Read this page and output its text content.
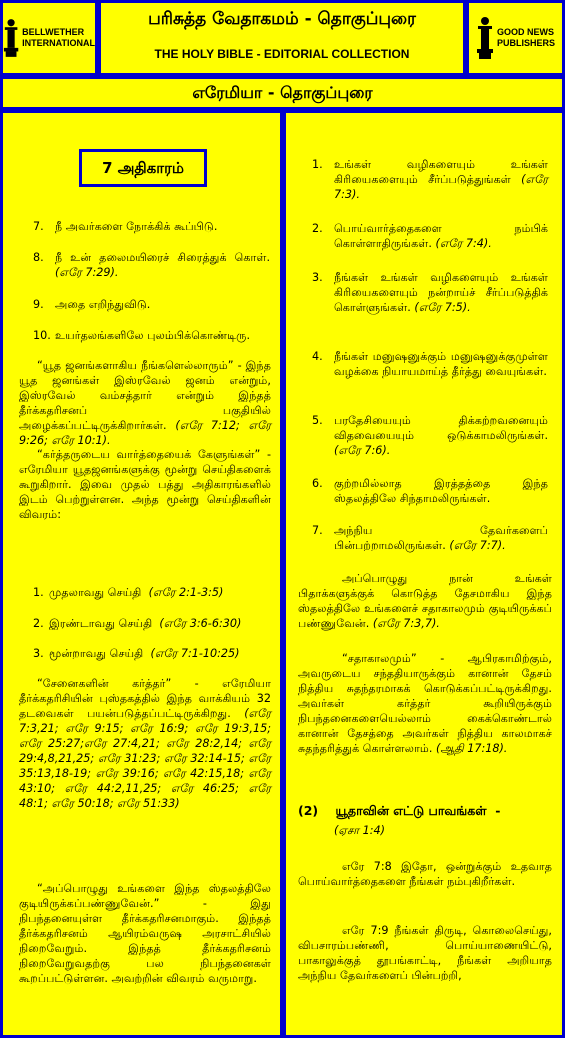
BELLWETHER
INTERNATIONAL
பரிசுத்த வேதாகமம் - தொகுப்புரை
THE HOLY BIBLE - EDITORIAL COLLECTION
GOOD NEWS
PUBLISHERS
எரேமியா - தொகுப்புரை
7 அதிகாரம்
7. நீ அவர்களை நோக்கிக் கூப்பிடு.

8. நீ உன் தலைமயிரைச் சிரைத்துக் கொள். (எரே 7:29).

9. அதை எறிந்துவிடு.

10. உயர்தலங்களிலே புலம்பிக்கொண்டிரு.

“யூத ஜனங்களாகிய நீங்களெல்லாரும்” - இந்த யூத ஜனங்கள் இஸ்ரவேல் ஜனம் என்றும், இஸ்ரவேல் வம்சத்தார் என்றும் இந்தத் தீர்க்கதரிசனப் பகுதியில் அழைக்கப்பட்டிருக்கிறார்கள். (எரே 7:12; எரே 9:26; எரே 10:1).

“கர்த்தருடைய வார்த்தையைக் கேளுங்கள்” - எரேமியா யூதஜனங்களுக்கு மூன்று செய்திகளைக் கூறுகிறார். இவை முதல் பத்து அதிகாரங்களில் இடம் பெற்றுள்ளன. அந்த மூன்று செய்திகளின் விவரம்:

1. முதலாவது செய்தி (எரே 2:1-3:5)

2. இரண்டாவது செய்தி (எரே 3:6-6:30)

3. மூன்றாவது செய்தி (எரே 7:1-10:25)

“சேனைகளின் கர்த்தர்” - எரேமியா தீர்க்கதரிசியின் புஸ்தகத்தில் இந்த வாக்கியம் 32 தடவைகள் பயன்படுத்தப்பட்டிருக்கிறது. (எரே 7:3,21; எரே 9:15; எரே 16:9; எரே 19:3,15; எரே 25:27;எரே 27:4,21; எரே 28:2,14; எரே 29:4,8,21,25; எரே 31:23; எரே 32:14-15; எரே 35:13,18-19; எரே 39:16; எரே 42:15,18; எரே 43:10; எரே 44:2,11,25; எரே 46:25; எரே 48:1; எரே 50:18; எரே 51:33)

“அப்பொழுது உங்களை இந்த ஸ்தலத்திலே குடியிருக்கப்பண்ணுவேன்.” - இது நிபந்தனையுள்ள தீர்க்கதரிசனமாகும். இந்தத் தீர்க்கதரிசனம் ஆயிரம்வருஷ அரசாட்சியில் நிறைவேறும். இந்தத் தீர்க்கதரிசனம் நிறைவேறுவதற்கு பல நிபந்தனைகள் கூறப்பட்டுள்ளன. அவற்றின் விவரம் வருமாறு.

1. உங்கள் வழிகளையும் உங்கள் கிரியைகளையும் சீர்ப்படுத்துங்கள் (எரே 7:3).

2. பொய்வார்த்தைகளை நம்பிக் கொள்ளாதிருங்கள். (எரே 7:4).

3. நீங்கள் உங்கள் வழிகளையும் உங்கள் கிரியைகளையும் நன்றாய்ச் சீர்ப்படுத்திக் கொள்ளுங்கள். (எரே 7:5).

4. நீங்கள் மனுஷனுக்கும் மனுஷனுக்குமுள்ள வழக்கை நியாயமாய்த் தீர்த்து வையுங்கள்.

5. பரதேசியையும் திக்கற்றவனையும் விதவையையும் ஒடுக்காமலிருங்கள். (எரே 7:6).

6. குற்றமில்லாத இரத்தத்தை இந்த ஸ்தலத்திலே சிந்தாமலிருங்கள்.

7. அந்நிய தேவர்களைப் பின்பற்றாமலிருங்கள். (எரே 7:7).

அப்பொழுது நான் உங்கள் பிதாக்களுக்குக் கொடுத்த தேசமாகிய இந்த ஸ்தலத்திலே உங்களைச் சதாகாலமும் குடியிருக்கப் பண்ணுவேன். (எரே 7:3,7).

“சதாகாலமும்” - ஆபிரகாமிற்கும், அவருடைய சந்ததியாருக்கும் கானான் தேசம் நித்திய சுதந்தரமாகக் கொடுக்கப்பட்டிருக்கிறது. அவர்கள் கர்த்தர் கூறியிருக்கும் நிபந்தனைகளையெல்லாம் கைக்கொண்டால் கானான் தேசத்தை அவர்கள் நித்திய காலமாகச் சுதந்தரித்துக் கொள்ளலாம். (ஆதி 17:18).

(2) யூதாவின் எட்டு பாவங்கள் -

(ஏசா 1:4)

எரே 7:8 இதோ, ஒன்றுக்கும் உதவாத பொய்வார்த்தைகளை நீங்கள் நம்புகிறீர்கள்.

எரே 7:9 நீங்கள் திருடி, கொலைசெய்து, விபசாரம்பண்ணி, பொய்யாணையிட்டு, பாகாலுக்குத் தூபங்காட்டி, நீங்கள் அறியாத அந்நிய தேவர்களைப் பின்பற்றி,
